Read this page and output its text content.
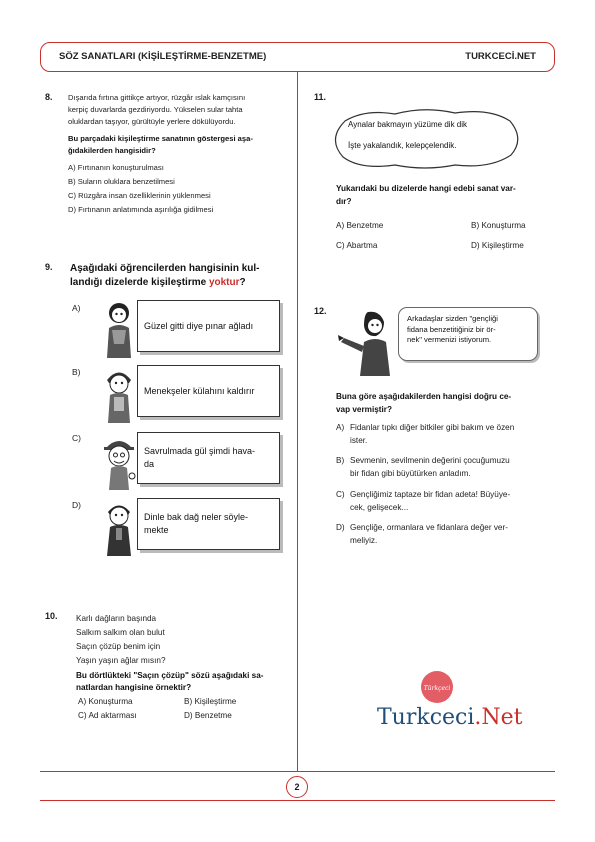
SÖZ SANATLARI (KİŞİLEŞTİRME-BENZETME)	TURKCECİ.NET
8. Dışarıda fırtına gittikçe artıyor, rüzgâr ıslak kamçısını
kerpiç duvarlarda gezdiriyordu. Yükselen sular tahta
oluklardan taşıyor, gürültüyle yerlere dökülüyordu.
Bu parçadaki kişileştirme sanatının göstergesi aşa-
ğıdakilerden hangisidir?
A) Fırtınanın konuşturulması
B) Suların oluklara benzetilmesi
C) Rüzgâra insan özelliklerinin yüklenmesi
D) Fırtınanın anlatımında aşırılığa gidilmesi
9. Aşağıdaki öğrencilerden hangisinin kul-
landığı dizelerde kişileştirme yoktur?
A)
Güzel gitti diye pınar ağladı
B)
Menekşeler külahını kaldırır
C)
Savrulmada gül şimdi hava-
da
D)
Dinle bak dağ neler söyle-
mekte
10. Karlı dağların başında
Salkım salkım olan bulut
Saçın çözüp benim için
Yaşın yaşın ağlar mısın?
Bu dörtlükteki "Saçın çözüp" sözü aşağıdaki sa-
natlardan hangisine örnektir?
A) Konuşturma	B) Kişileştirme
C) Ad aktarması	D) Benzetme
11.
Aynalar bakmayın yüzüme dik dik
İşte yakalandık, kelepçelendik.
Yukarıdaki bu dizelerde hangi edebi sanat var-
dır?
A) Benzetme	B) Konuşturma
C) Abartma	D) Kişileştirme
12.
Arkadaşlar sizden "gençliği
fidana benzetitiğiniz bir ör-
nek" vermenizi istiyorum.
Buna göre aşağıdakilerden hangisi doğru ce-
vap vermiştir?
A) Fidanlar tıpkı diğer bitkiler gibi bakım ve özen
ister.
B) Sevmenin, sevilmenin değerini çocuğumuzu
bir fidan gibi büyütürken anladım.
C) Gençliğimiz taptaze bir fidan adeta! Büyüye-
cek, gelişecek...
D) Gençliğe, ormanlara ve fidanlara değer ver-
meliyiz.
Türkçeci
Turkceci.Net
2
